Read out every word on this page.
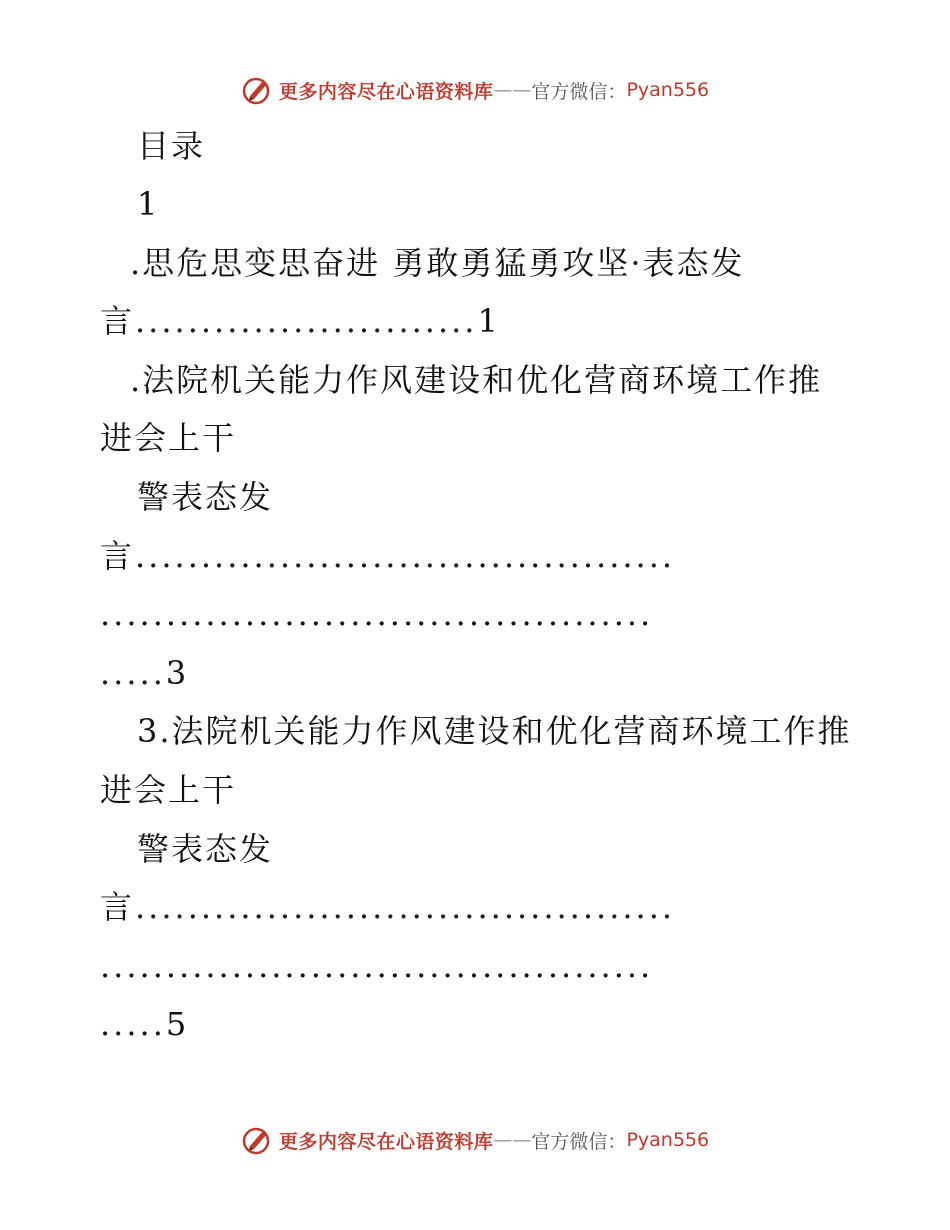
更多内容尽在心语资料库 —— 官方微信： Pyan556
目录
1
.思危思变思奋进 勇敢勇猛勇攻坚·表态发
言..........................1
.法院机关能力作风建设和优化营商环境工作推
进会上干
警表态发
言.........................................
..........................................
.....3
3.法院机关能力作风建设和优化营商环境工作推
进会上干
警表态发
言.........................................
..........................................
.....5
更多内容尽在心语资料库 —— 官方微信： Pyan556
